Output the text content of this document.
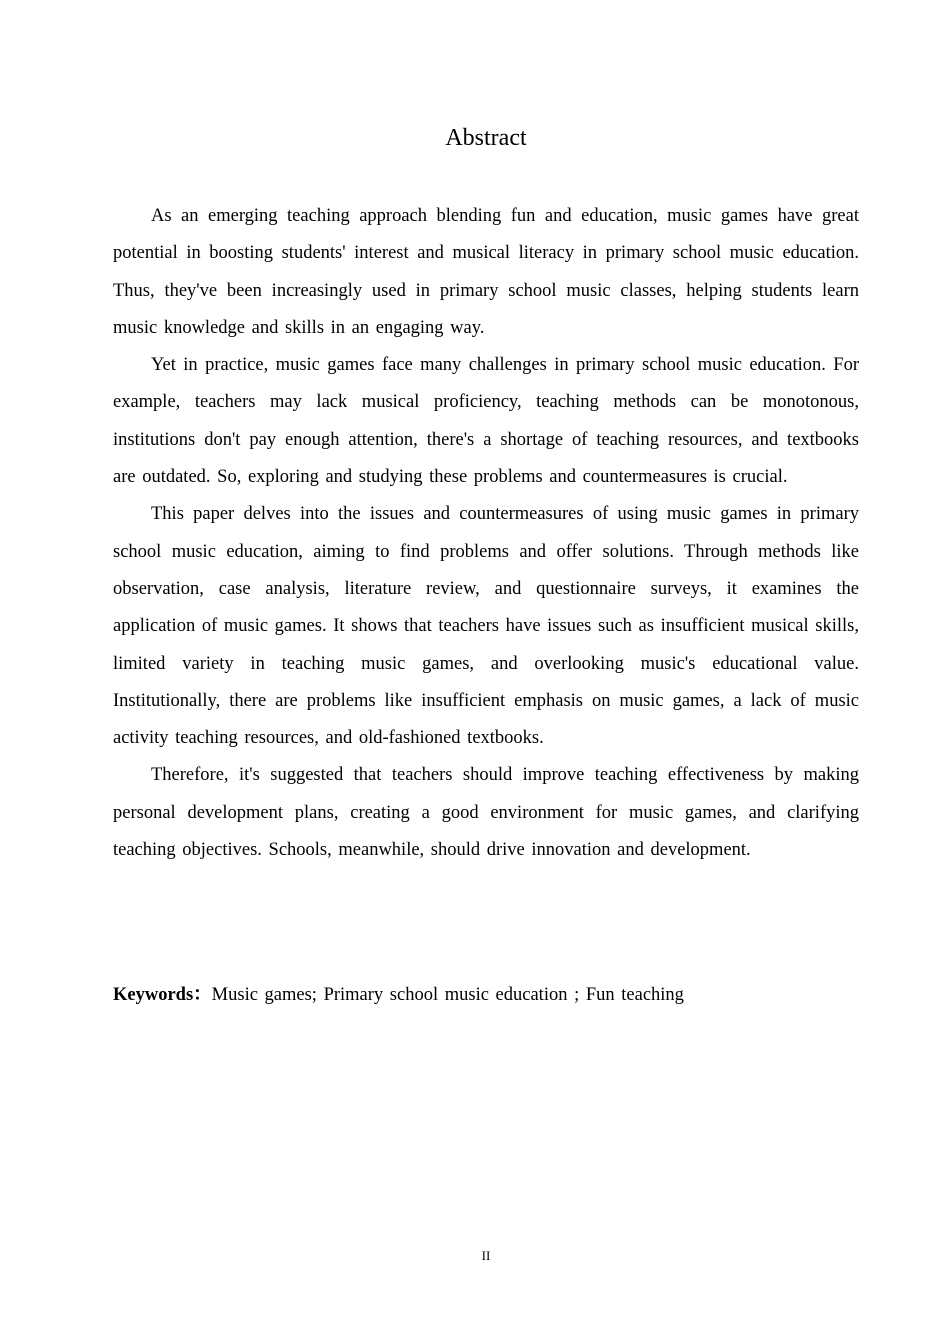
Abstract

As an emerging teaching approach blending fun and education, music games have great potential in boosting students' interest and musical literacy in primary school music education. Thus, they've been increasingly used in primary school music classes, helping students learn music knowledge and skills in an engaging way.

Yet in practice, music games face many challenges in primary school music education. For example, teachers may lack musical proficiency, teaching methods can be monotonous, institutions don't pay enough attention, there's a shortage of teaching resources, and textbooks are outdated. So, exploring and studying these problems and countermeasures is crucial.

This paper delves into the issues and countermeasures of using music games in primary school music education, aiming to find problems and offer solutions. Through methods like observation, case analysis, literature review, and questionnaire surveys, it examines the application of music games. It shows that teachers have issues such as insufficient musical skills, limited variety in teaching music games, and overlooking music's educational value. Institutionally, there are problems like insufficient emphasis on music games, a lack of music activity teaching resources, and old-fashioned textbooks.

Therefore, it's suggested that teachers should improve teaching effectiveness by making personal development plans, creating a good environment for music games, and clarifying teaching objectives. Schools, meanwhile, should drive innovation and development.

Keywords：Music games; Primary school music education ; Fun teaching

II
